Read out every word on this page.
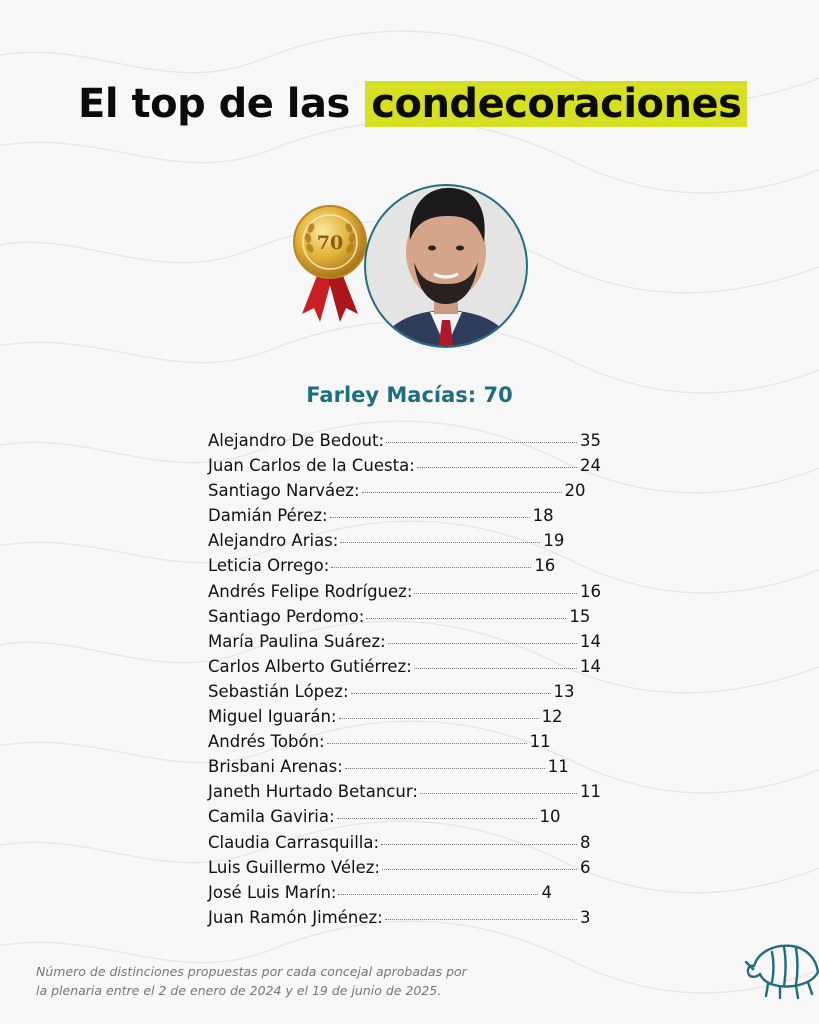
El top de las condecoraciones
70
Farley Macías: 70
Alejandro De Bedout:	35
Juan Carlos de la Cuesta:	24
Santiago Narváez:	20
Damián Pérez:	18
Alejandro Arias:	19
Leticia Orrego:	16
Andrés Felipe Rodríguez:	16
Santiago Perdomo:	15
María Paulina Suárez:	14
Carlos Alberto Gutiérrez:	14
Sebastián López:	13
Miguel Iguarán:	12
Andrés Tobón:	11
Brisbani Arenas:	11
Janeth Hurtado Betancur:	11
Camila Gaviria:	10
Claudia Carrasquilla:	8
Luis Guillermo Vélez:	6
José Luis Marín:	4
Juan Ramón Jiménez:	3

Número de distinciones propuestas por cada concejal aprobadas por
la plenaria entre el 2 de enero de 2024 y el 19 de junio de 2025.
